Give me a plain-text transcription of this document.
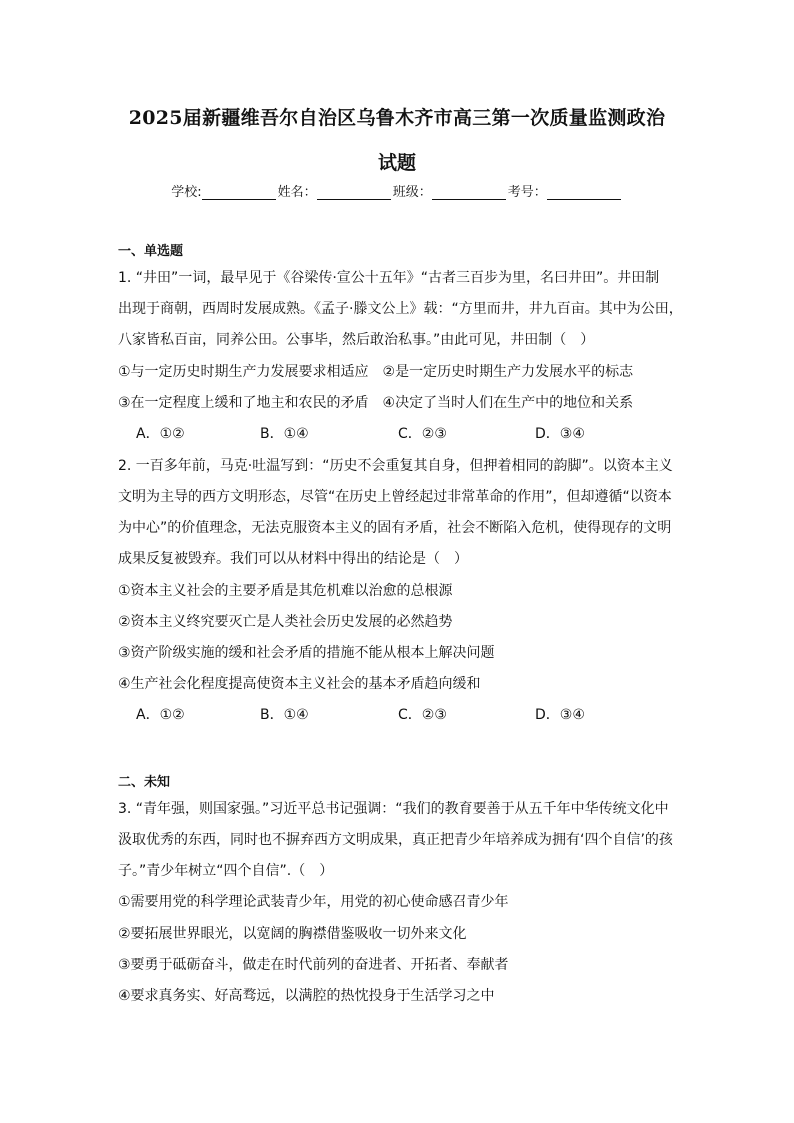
2025届新疆维吾尔自治区乌鲁木齐市高三第一次质量监测政治
试题
学校:	姓名：	班级：	考号：
一、单选题
1. “井田”一词，最早见于《谷梁传·宣公十五年》“古者三百步为里，名曰井田”。井田制
出现于商朝，西周时发展成熟。《孟子·滕文公上》载：“方里而井，井九百亩。其中为公田，
八家皆私百亩，同养公田。公事毕，然后敢治私事。”由此可见，井田制（　）
①与一定历史时期生产力发展要求相适应　②是一定历史时期生产力发展水平的标志
③在一定程度上缓和了地主和农民的矛盾　④决定了当时人们在生产中的地位和关系
A．①②	B．①④	C．②③	D．③④
2. 一百多年前，马克·吐温写到：“历史不会重复其自身，但押着相同的韵脚”。以资本主义
文明为主导的西方文明形态，尽管“在历史上曾经起过非常革命的作用”，但却遵循“以资本
为中心”的价值理念，无法克服资本主义的固有矛盾，社会不断陷入危机，使得现存的文明
成果反复被毁弃。我们可以从材料中得出的结论是（　）
①资本主义社会的主要矛盾是其危机难以治愈的总根源
②资本主义终究要灭亡是人类社会历史发展的必然趋势
③资产阶级实施的缓和社会矛盾的措施不能从根本上解决问题
④生产社会化程度提高使资本主义社会的基本矛盾趋向缓和
A．①②	B．①④	C．②③	D．③④
二、未知
3. “青年强，则国家强。”习近平总书记强调：“我们的教育要善于从五千年中华传统文化中
汲取优秀的东西，同时也不摒弃西方文明成果，真正把青少年培养成为拥有‘四个自信’的孩
子。”青少年树立“四个自信”.（　）
①需要用党的科学理论武装青少年，用党的初心使命感召青少年
②要拓展世界眼光，以宽阔的胸襟借鉴吸收一切外来文化
③要勇于砥砺奋斗，做走在时代前列的奋进者、开拓者、奉献者
④要求真务实、好高骛远，以满腔的热忱投身于生活学习之中
